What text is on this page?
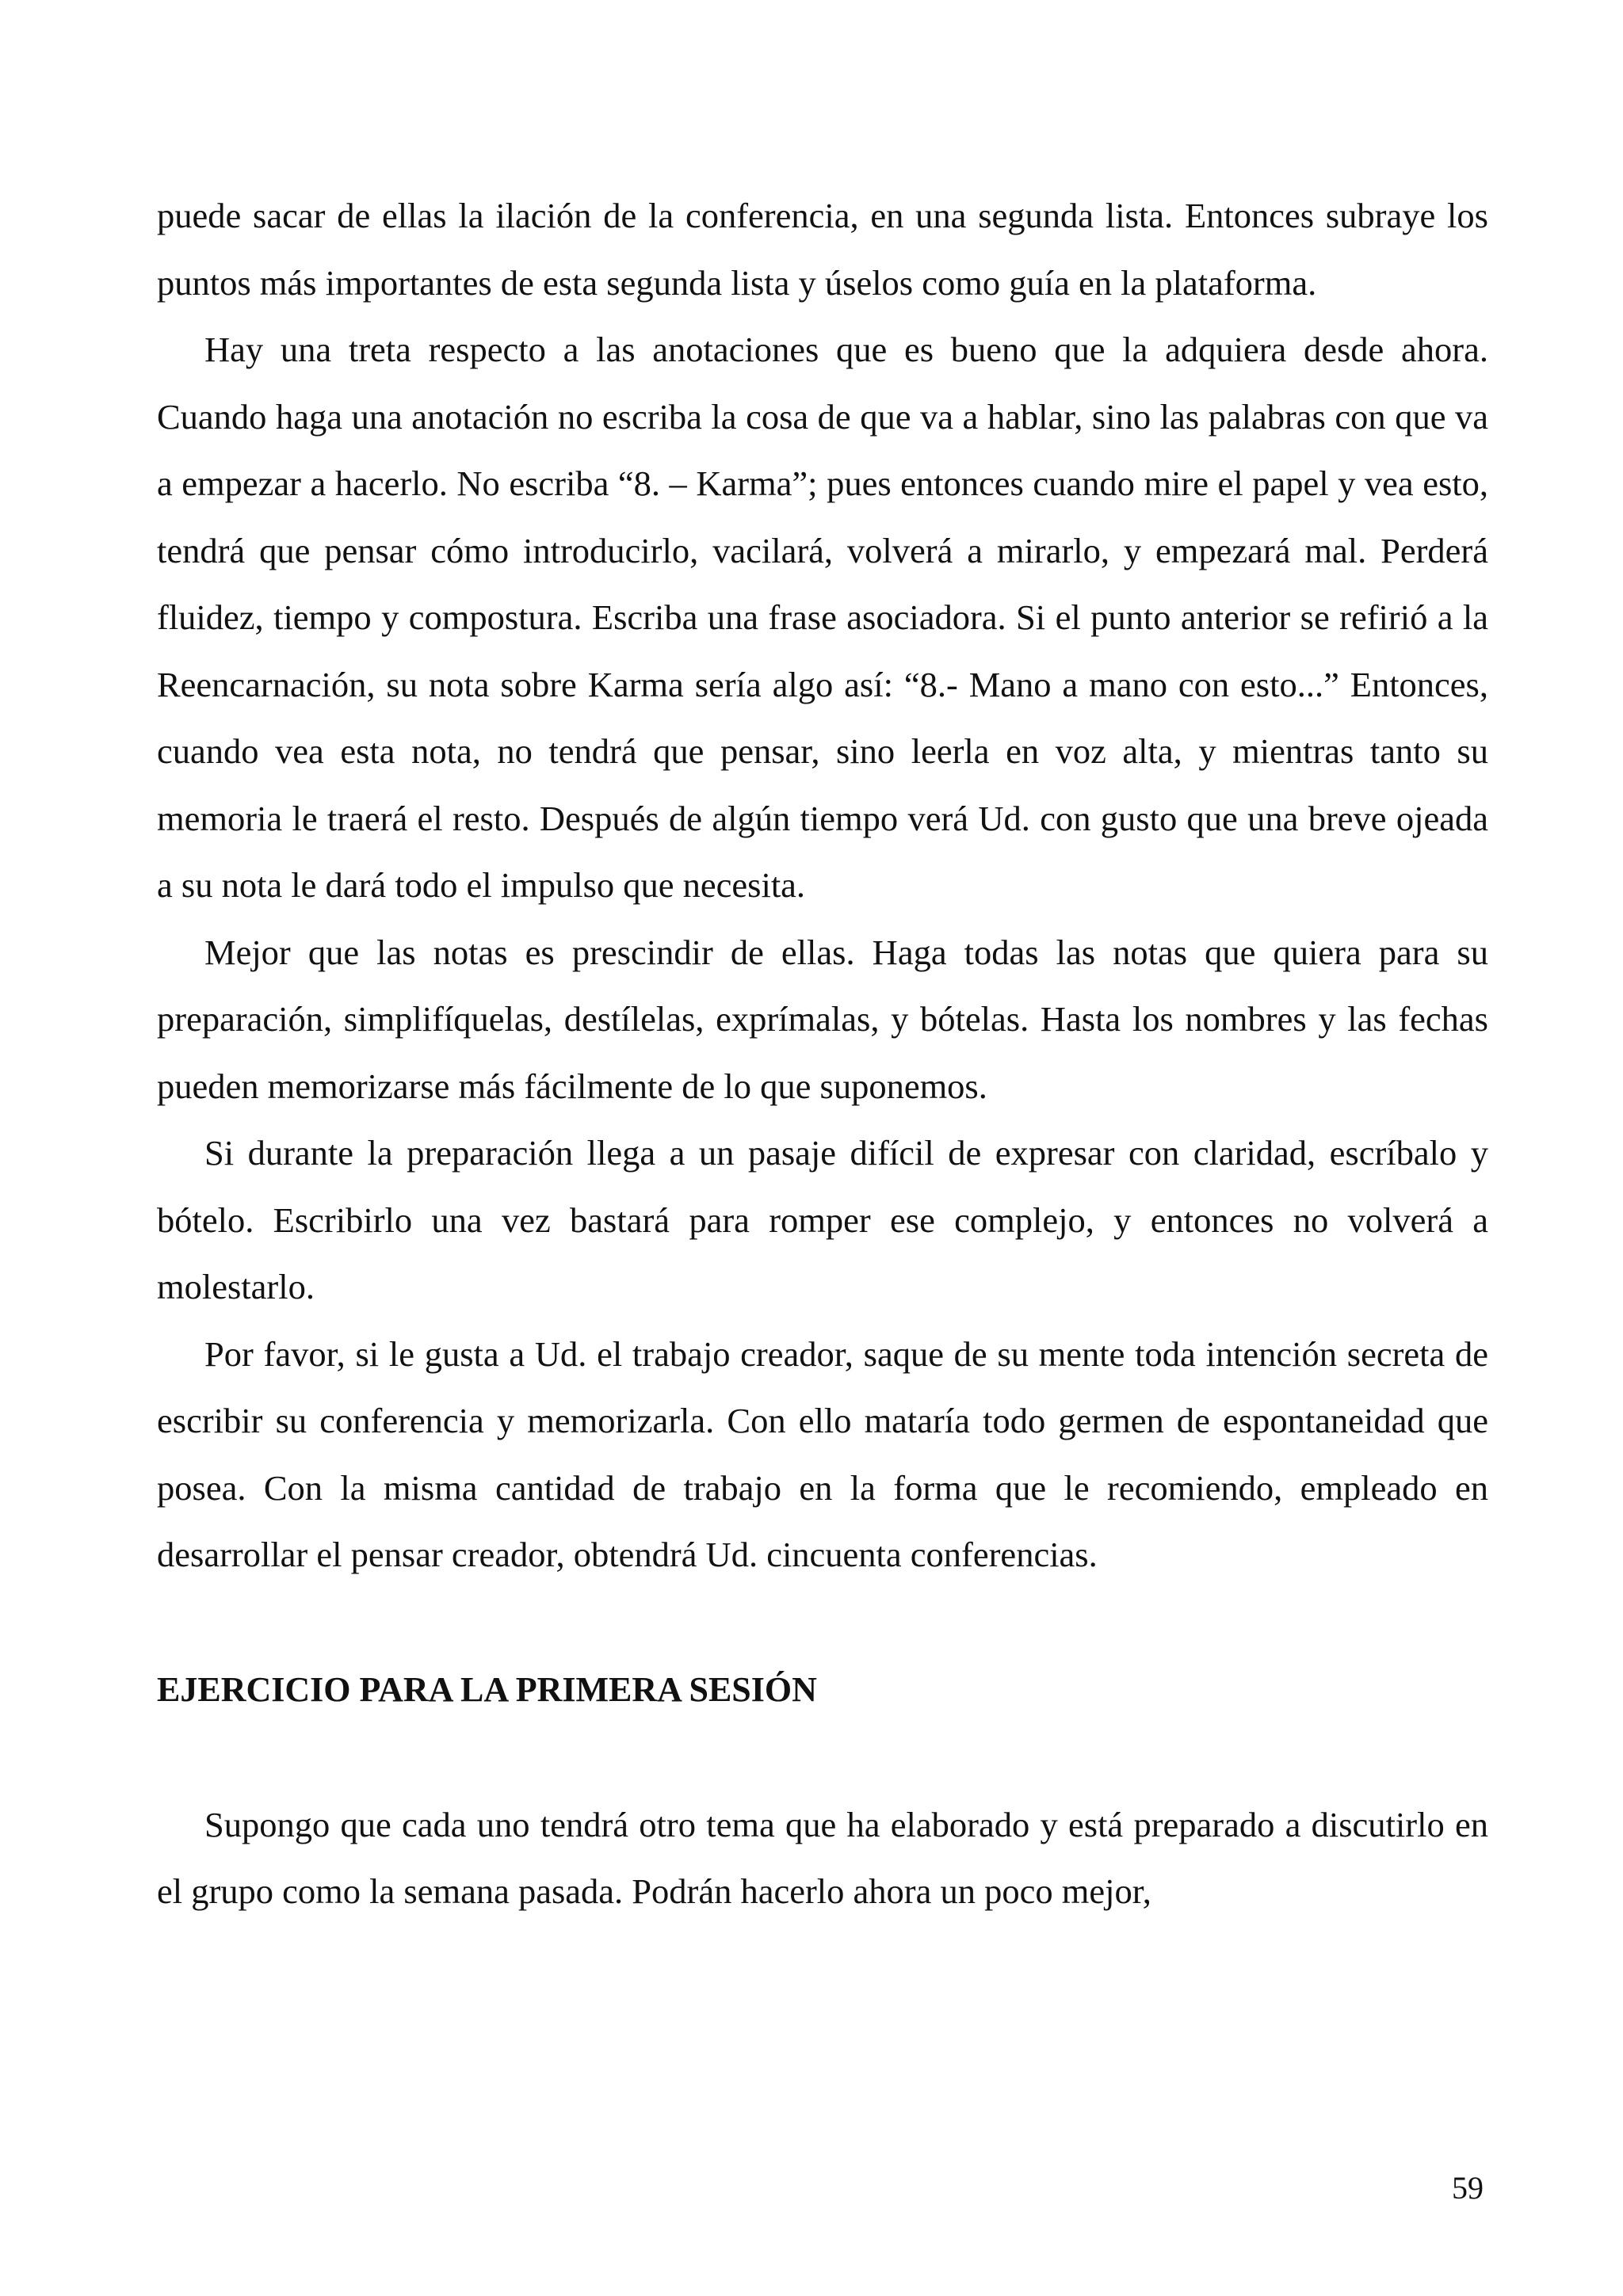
puede sacar de ellas la ilación de la conferencia, en una segunda lista. Entonces subraye los puntos más importantes de esta segunda lista y úselos como guía en la plataforma.

Hay una treta respecto a las anotaciones que es bueno que la adquiera desde ahora. Cuando haga una anotación no escriba la cosa de que va a hablar, sino las palabras con que va a empezar a hacerlo. No escriba “8. – Karma”; pues entonces cuando mire el papel y vea esto, tendrá que pensar cómo introducirlo, vacilará, volverá a mirarlo, y empezará mal. Perderá fluidez, tiempo y compostura. Escriba una frase asociadora. Si el punto anterior se refirió a la Reencarnación, su nota sobre Karma sería algo así: “8.- Mano a mano con esto...” Entonces, cuando vea esta nota, no tendrá que pensar, sino leerla en voz alta, y mientras tanto su memoria le traerá el resto. Después de algún tiempo verá Ud. con gusto que una breve ojeada a su nota le dará todo el impulso que necesita.

Mejor que las notas es prescindir de ellas. Haga todas las notas que quiera para su preparación, simplifíquelas, destílelas, exprímalas, y bótelas. Hasta los nombres y las fechas pueden memorizarse más fácilmente de lo que suponemos.

Si durante la preparación llega a un pasaje difícil de expresar con claridad, escríbalo y bótelo. Escribirlo una vez bastará para romper ese complejo, y entonces no volverá a molestarlo.

Por favor, si le gusta a Ud. el trabajo creador, saque de su mente toda intención secreta de escribir su conferencia y memorizarla. Con ello mataría todo germen de espontaneidad que posea. Con la misma cantidad de trabajo en la forma que le recomiendo, empleado en desarrollar el pensar creador, obtendrá Ud. cincuenta conferencias.

EJERCICIO PARA LA PRIMERA SESIÓN

Supongo que cada uno tendrá otro tema que ha elaborado y está preparado a discutirlo en el grupo como la semana pasada. Podrán hacerlo ahora un poco mejor,

59
